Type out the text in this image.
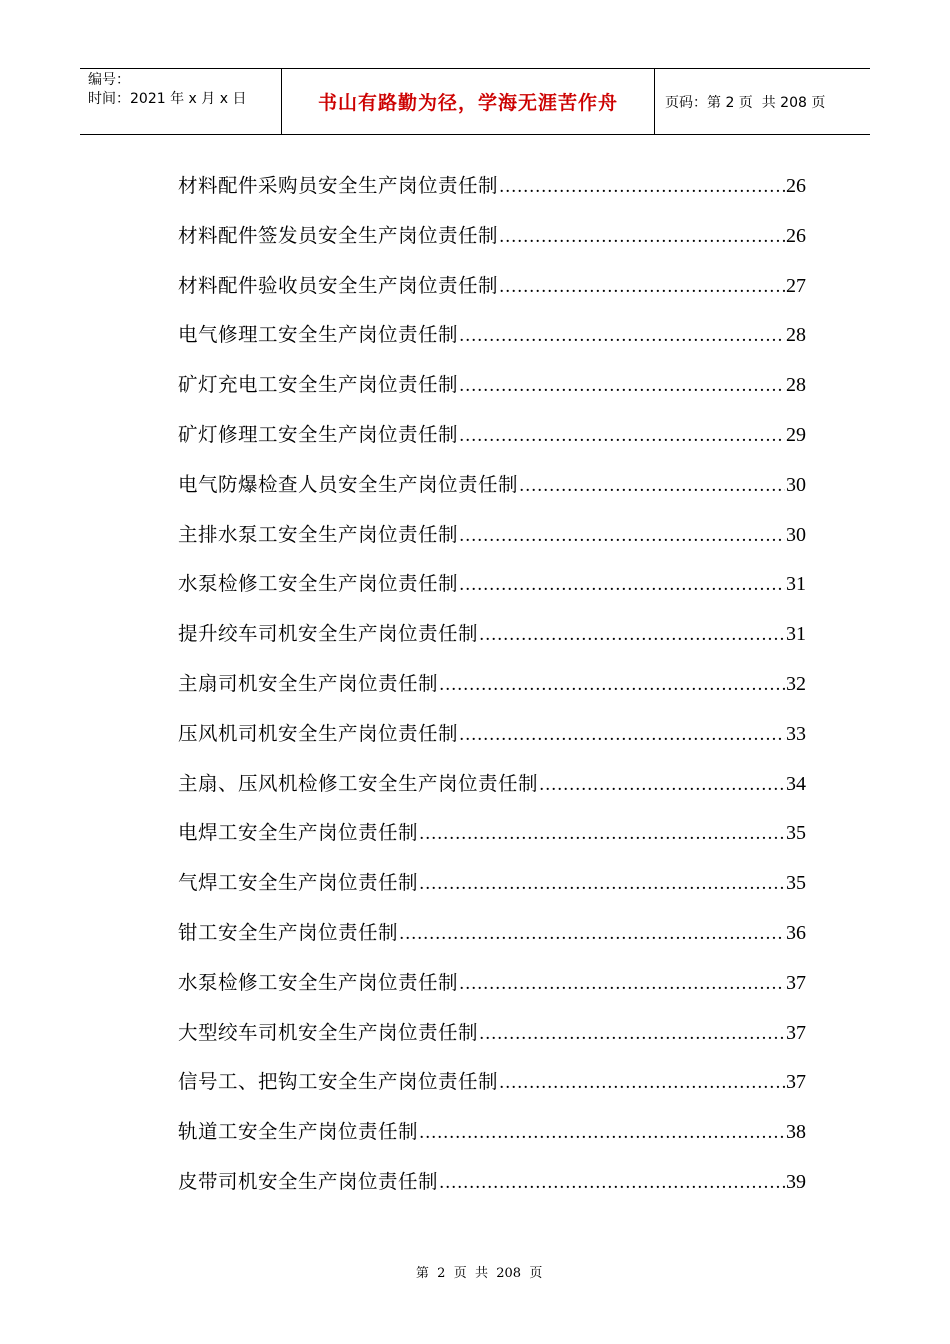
编号：
时间：2021 年 x 月 x 日	书山有路勤为径，学海无涯苦作舟	页码：第 2 页  共 208 页
材料配件采购员安全生产岗位责任制 .....	26
材料配件签发员安全生产岗位责任制 .....	26
材料配件验收员安全生产岗位责任制 .....	27
电气修理工安全生产岗位责任制 .....	28
矿灯充电工安全生产岗位责任制 .....	28
矿灯修理工安全生产岗位责任制 .....	29
电气防爆检查人员安全生产岗位责任制 .....	30
主排水泵工安全生产岗位责任制 .....	30
水泵检修工安全生产岗位责任制 .....	31
提升绞车司机安全生产岗位责任制 .....	31
主扇司机安全生产岗位责任制 .....	32
压风机司机安全生产岗位责任制 .....	33
主扇、压风机检修工安全生产岗位责任制 .....	34
电焊工安全生产岗位责任制 .....	35
气焊工安全生产岗位责任制 .....	35
钳工安全生产岗位责任制 .....	36
水泵检修工安全生产岗位责任制 .....	37
大型绞车司机安全生产岗位责任制 .....	37
信号工、把钩工安全生产岗位责任制 .....	37
轨道工安全生产岗位责任制 .....	38
皮带司机安全生产岗位责任制 .....	39

第  2  页  共  208  页
